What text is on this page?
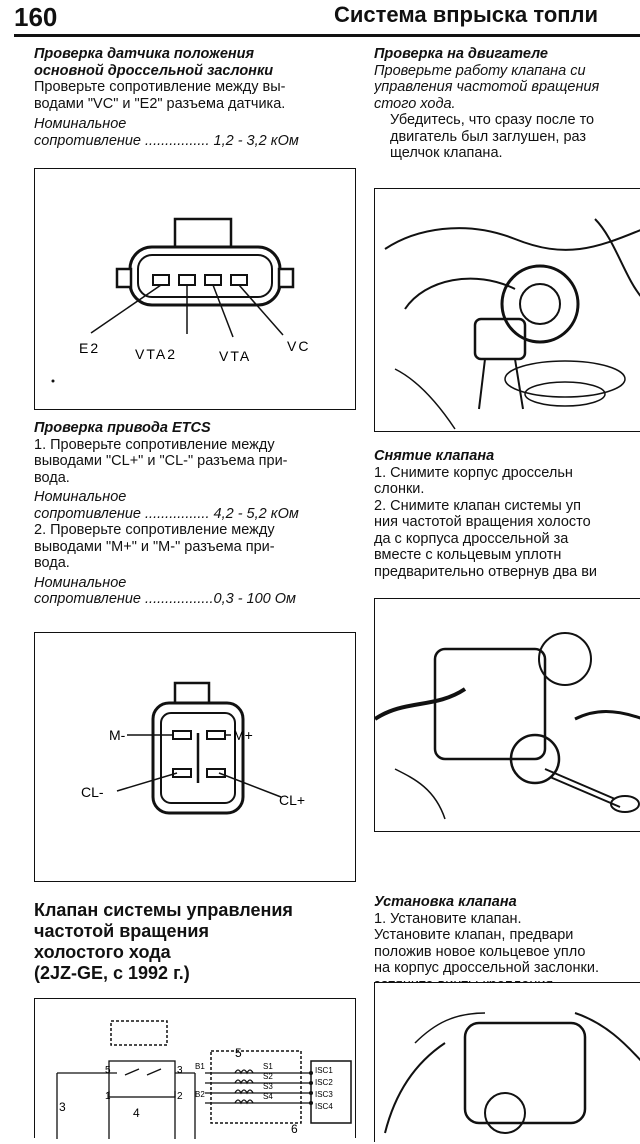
160	Система впрыска топли
Проверка датчика положения
основной дроссельной заслонки
Проверьте сопротивление между вы-
водами "VC" и "E2" разъема датчика.
Номинальное
сопротивление ................ 1,2 - 3,2 кОм
E2 VTA2	VTA
VC
Проверка привода ETCS
1. Проверьте сопротивление между
выводами "CL+" и "CL-" разъема при-
вода.
Номинальное
сопротивление ................ 4,2 - 5,2 кОм
2. Проверьте сопротивление между
выводами "M+" и "M-" разъема при-
вода.
Номинальное
сопротивление .................0,3 - 100 Ом
M-	M+
CL-	CL+
Клапан системы управления
частотой вращения
холостого хода
(2JZ-GE, с 1992 г.)
5	3
1	2
4
3
5
6
B1
B2
S1
S2
S3
S4
ISC1
ISC2
ISC3
ISC4
Проверка на двигателе
Проверьте работу клапана си
управления частотой вращения
стого хода.
Убедитесь, что сразу после то
двигатель был заглушен, раз
щелчок клапана.
Снятие клапана
1. Снимите корпус дроссельн
слонки.
2. Снимите клапан системы уп
ния частотой вращения холосто
да с корпуса дроссельной за
вместе с кольцевым уплотн
предварительно отвернув два ви
Установка клапана
1. Установите клапан.
Установите клапан, предвари
положив новое кольцевое упло
на корпус дроссельной заслонки.
